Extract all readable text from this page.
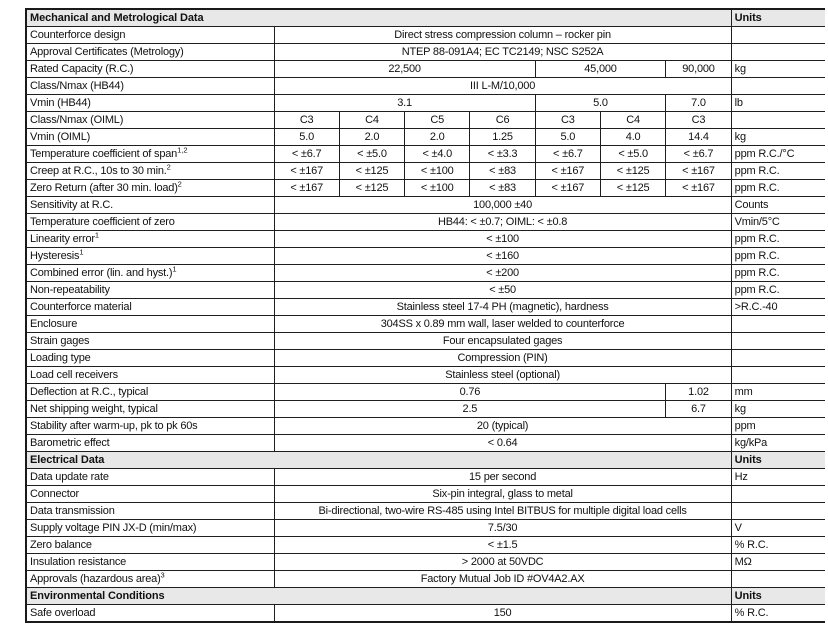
Mechanical and Metrological Data								Units
Counterforce design	Direct stress compression column – rocker pin							
Approval Certificates (Metrology)	NTEP 88-091A4; EC TC2149; NSC S252A							
Rated Capacity (R.C.)	22,500				45,000		90,000	kg
Class/Nmax (HB44)	III L-M/10,000							
Vmin (HB44)	3.1				5.0		7.0	lb
Class/Nmax (OIML)	C3	C4	C5	C6	C3	C4	C3	
Vmin (OIML)	5.0	2.0	2.0	1.25	5.0	4.0	14.4	kg
Temperature coefficient of span$^{1,2}$	< ±6.7	< ±5.0	< ±4.0	< ±3.3	< ±6.7	< ±5.0	< ±6.7	ppm R.C./°C
Creep at R.C., 10s to 30 min.$^2$	< ±167	< ±125	< ±100	< ±83	< ±167	< ±125	< ±167	ppm R.C.
Zero Return (after 30 min. load)$^2$	< ±167	< ±125	< ±100	< ±83	< ±167	< ±125	< ±167	ppm R.C.
Sensitivity at R.C.	100,000 ±40							Counts
Temperature coefficient of zero	HB44: < ±0.7; OIML: < ±0.8							Vmin/5°C
Linearity error$^1$	< ±100							ppm R.C.
Hysteresis$^1$	< ±160							ppm R.C.
Combined error (lin. and hyst.)$^1$	< ±200							ppm R.C.
Non-repeatability	< ±50							ppm R.C.
Counterforce material	Stainless steel 17-4 PH (magnetic), hardness							>R.C.-40
Enclosure	304SS x 0.89 mm wall, laser welded to counterforce							
Strain gages	Four encapsulated gages							
Loading type	Compression (PIN)							
Load cell receivers	Stainless steel (optional)							
Deflection at R.C., typical	0.76						1.02	mm
Net shipping weight, typical	2.5						6.7	kg
Stability after warm-up, pk to pk 60s	20 (typical)							ppm
Barometric effect	< 0.64							kg/kPa
Electrical Data								Units
Data update rate	15 per second							Hz
Connector	Six-pin integral, glass to metal							
Data transmission	Bi-directional, two-wire RS-485 using Intel BITBUS for multiple digital load cells							
Supply voltage PIN JX-D (min/max)	7.5/30							V
Zero balance	< ±1.5							% R.C.
Insulation resistance	> 2000 at 50VDC							MΩ
Approvals (hazardous area)$^3$	Factory Mutual Job ID #OV4A2.AX							
Environmental Conditions								Units
Safe overload	150							% R.C.
